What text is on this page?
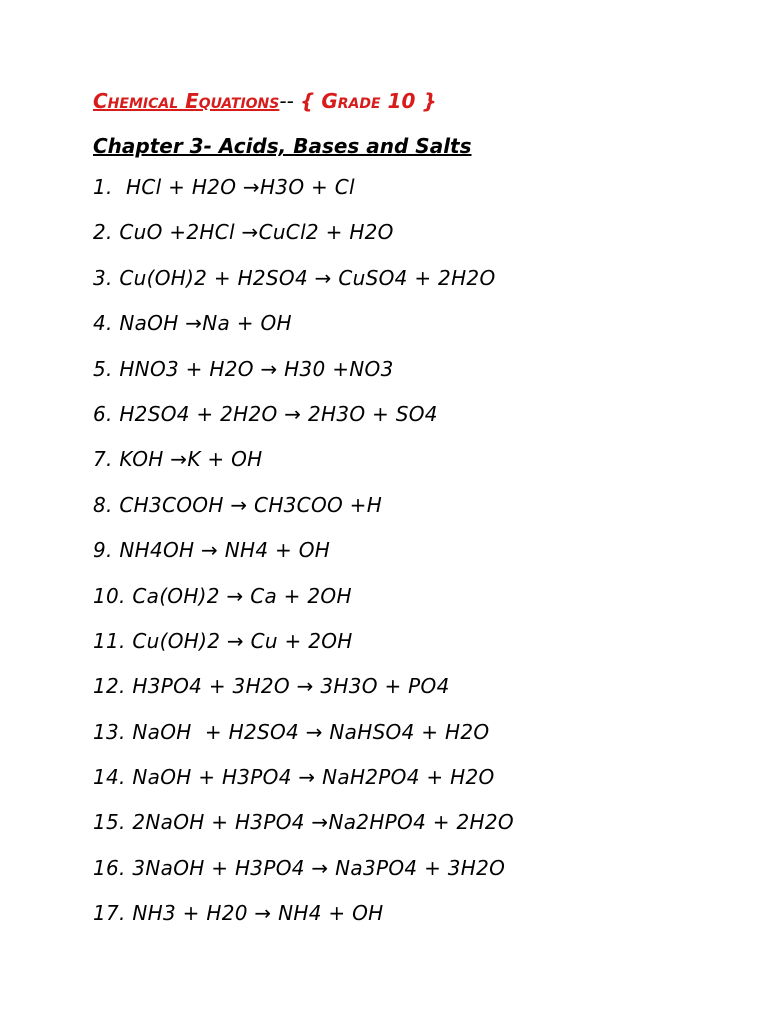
Chemical Equations-- { Grade 10 }
Chapter 3- Acids, Bases and Salts
1.  HCl + H2O →H3O + Cl
2. CuO +2HCl →CuCl2 + H2O
3. Cu(OH)2 + H2SO4 → CuSO4 + 2H2O
4. NaOH →Na + OH
5. HNO3 + H2O → H30 +NO3
6. H2SO4 + 2H2O → 2H3O + SO4
7. KOH →K + OH
8. CH3COOH → CH3COO +H
9. NH4OH → NH4 + OH
10. Ca(OH)2 → Ca + 2OH
11. Cu(OH)2 → Cu + 2OH
12. H3PO4 + 3H2O → 3H3O + PO4
13. NaOH  + H2SO4 → NaHSO4 + H2O
14. NaOH + H3PO4 → NaH2PO4 + H2O
15. 2NaOH + H3PO4 →Na2HPO4 + 2H2O
16. 3NaOH + H3PO4 → Na3PO4 + 3H2O
17. NH3 + H20 → NH4 + OH
